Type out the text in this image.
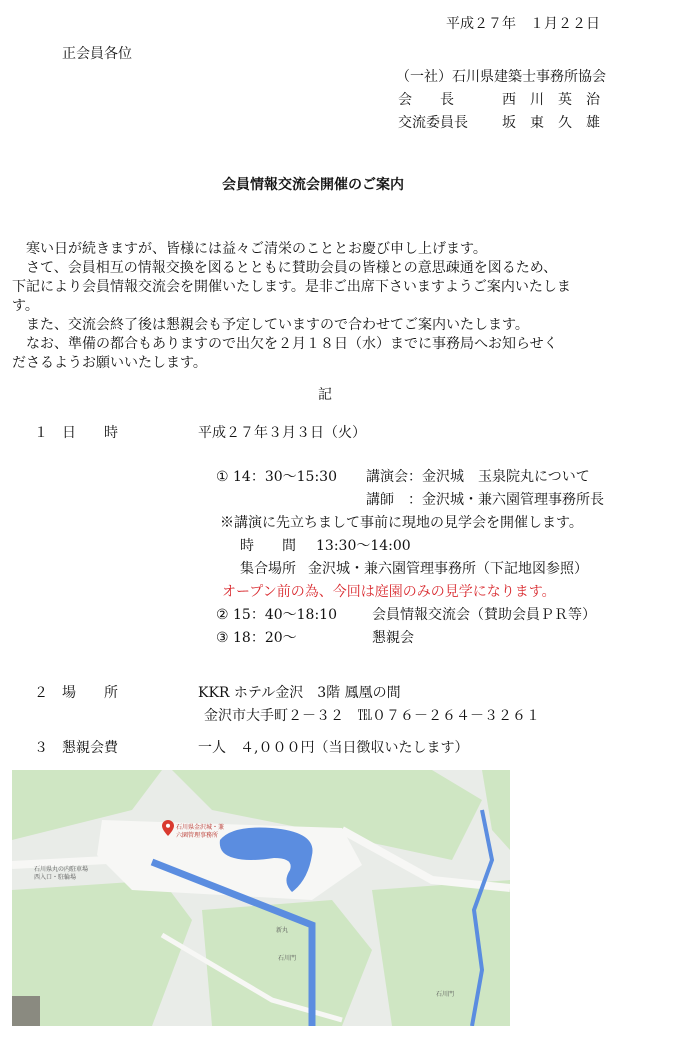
平成２７年　１月２２日
正会員各位
（一社）石川県建築士事務所協会
会　　長	西　川　英　治
交流委員長 坂　東　久　雄
会員情報交流会開催のご案内

寒い日が続きますが、皆様には益々ご清栄のこととお慶び申し上げます。

さて、会員相互の情報交換を図るとともに賛助会員の皆様との意思疎通を図るため、

下記により会員情報交流会を開催いたします。是非ご出席下さいますようご案内いたしま

す。

また、交流会終了後は懇親会も予定していますので合わせてご案内いたします。

なお、準備の都合もありますので出欠を２月１８日（水）までに事務局へお知らせく

ださるようお願いいたします。

記
１ 日　　時	平成２７年３月３日（火）
① 14：30〜15:30 講演会：金沢城　玉泉院丸について
講師　：金沢城・兼六園管理事務所長
※講演に先立ちまして事前に現地の見学会を開催します。
時　　間 13:30〜14:00
集合場所 金沢城・兼六園管理事務所（下記地図参照）
オープン前の為、今回は庭園のみの見学になります。
② 15：40〜18:10	会員情報交流会（賛助会員ＰＲ等）
③ 18：20〜	懇親会
２ 場　　所	KKR ホテル金沢　3階 鳳凰の間
金沢市大手町２－３２　℡０７６－２６４－３２６１
３ 懇親会費	一人　４,０００円（当日徴収いたします）
石川県金沢城・兼
六園管理事務所
石川県丸の内駐車場
西入口・駐輪場
新丸
石川門
石川門
